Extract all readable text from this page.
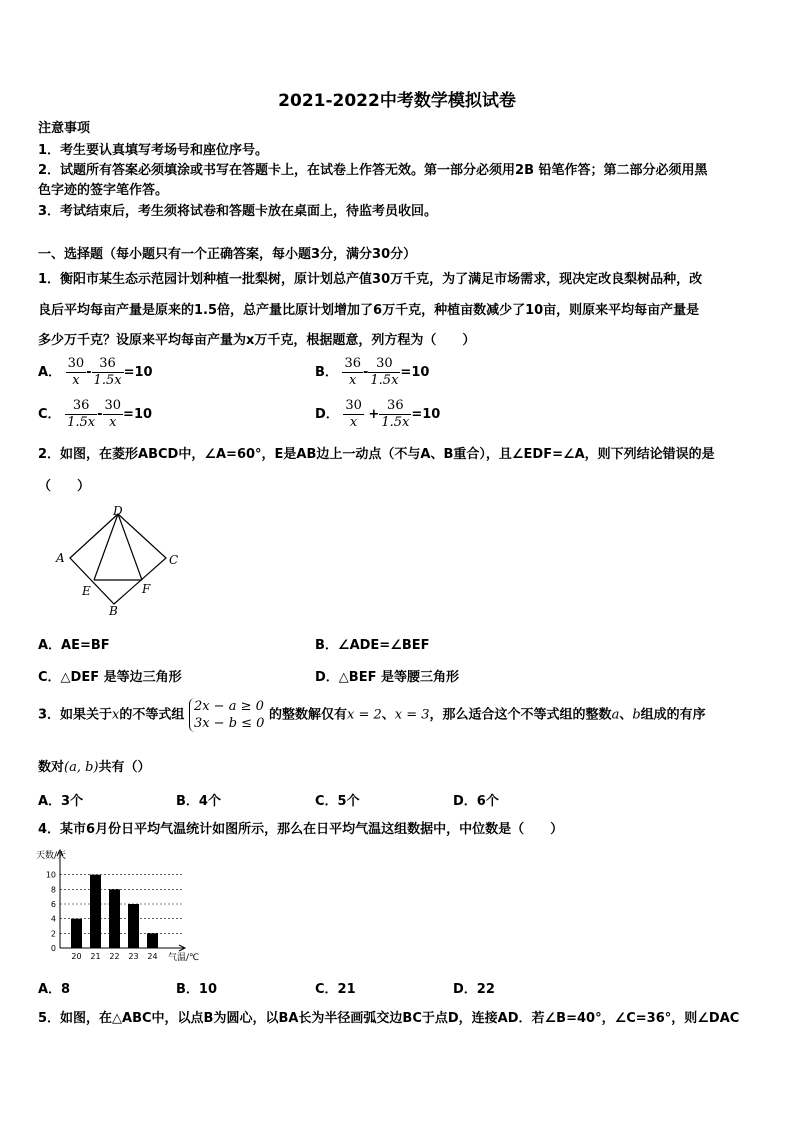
2021-2022中考数学模拟试卷
注意事项
1．考生要认真填写考场号和座位序号。
2．试题所有答案必须填涂或书写在答题卡上，在试卷上作答无效。第一部分必须用2B 铅笔作答；第二部分必须用黑
色字迹的签字笔作答。
3．考试结束后，考生须将试卷和答题卡放在桌面上，待监考员收回。
一、选择题（每小题只有一个正确答案，每小题3分，满分30分）
1．衡阳市某生态示范园计划种植一批梨树，原计划总产值30万千克，为了满足市场需求，现决定改良梨树品种，改
良后平均每亩产量是原来的1.5倍，总产量比原计划增加了6万千克，种植亩数减少了10亩，则原来平均每亩产量是
多少万千克？设原来平均每亩产量为x万千克，根据题意，列方程为（　　）
A． $\frac{30}{x} - \frac{36}{1.5x} =10$	B． $\frac{36}{x} - \frac{30}{1.5x} =10$
C． $\frac{36}{1.5x} - \frac{30}{x} =10$	D． $\frac{30}{x} + \frac{36}{1.5x} =10$
2．如图，在菱形ABCD中，∠A=60°，E是AB边上一动点（不与A、B重合），且∠EDF=∠A，则下列结论错误的是
（　　）
D
A	C
E	F
B
A．AE=BF	B．∠ADE=∠BEF
C．△DEF 是等边三角形	D．△BEF 是等腰三角形
3．如果关于x的不等式组
2x − a ≥ 0
3x − b ≤ 0
的整数解仅有x = 2、x = 3，那么适合这个不等式组的整数a、b组成的有序
数对(a, b)共有（）
A．3个	B．4个	C．5个	D．6个
4．某市6月份日平均气温统计如图所示，那么在日平均气温这组数据中，中位数是（　　）
天数/天
气温/℃
0
2
4
6
8
10
20 21 22 23 24
A．8	B．10	C．21	D．22
5．如图，在△ABC中，以点B为圆心，以BA长为半径画弧交边BC于点D，连接AD．若∠B=40°，∠C=36°，则∠DAC
